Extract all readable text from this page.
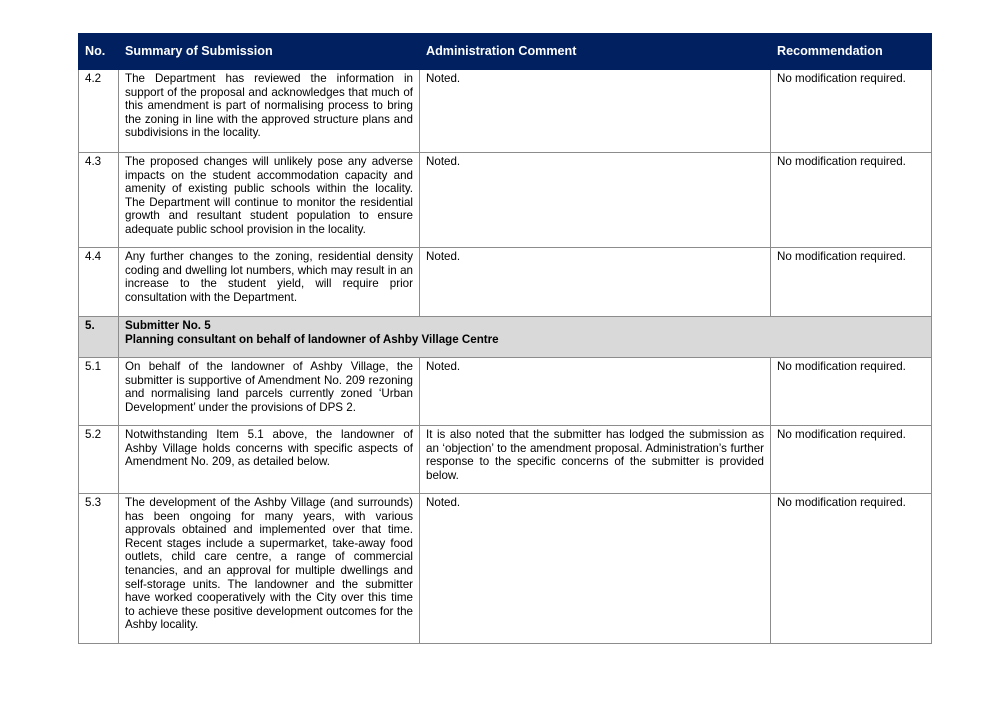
No.	Summary of Submission	Administration Comment	Recommendation
4.2	The Department has reviewed the information in support of the proposal and acknowledges that much of this amendment is part of normalising process to bring the zoning in line with the approved structure plans and subdivisions in the locality.	Noted.	No modification required.
4.3	The proposed changes will unlikely pose any adverse impacts on the student accommodation capacity and amenity of existing public schools within the locality. The Department will continue to monitor the residential growth and resultant student population to ensure adequate public school provision in the locality.	Noted.	No modification required.
4.4	Any further changes to the zoning, residential density coding and dwelling lot numbers, which may result in an increase to the student yield, will require prior consultation with the Department.	Noted.	No modification required.
5.	Submitter No. 5
Planning consultant on behalf of landowner of Ashby Village Centre		

5.1	On behalf of the landowner of Ashby Village, the submitter is supportive of Amendment No. 209 rezoning and normalising land parcels currently zoned ‘Urban Development’ under the provisions of DPS 2.	Noted.	No modification required.
5.2	Notwithstanding Item 5.1 above, the landowner of Ashby Village holds concerns with specific aspects of Amendment No. 209, as detailed below.	It is also noted that the submitter has lodged the submission as an ‘objection’ to the amendment proposal. Administration’s further response to the specific concerns of the submitter is provided below.	No modification required.
5.3	The development of the Ashby Village (and surrounds) has been ongoing for many years, with various approvals obtained and implemented over that time. Recent stages include a supermarket, take-away food outlets, child care centre, a range of commercial tenancies, and an approval for multiple dwellings and self-storage units. The landowner and the submitter have worked cooperatively with the City over this time to achieve these positive development outcomes for the Ashby locality.	Noted.	No modification required.
